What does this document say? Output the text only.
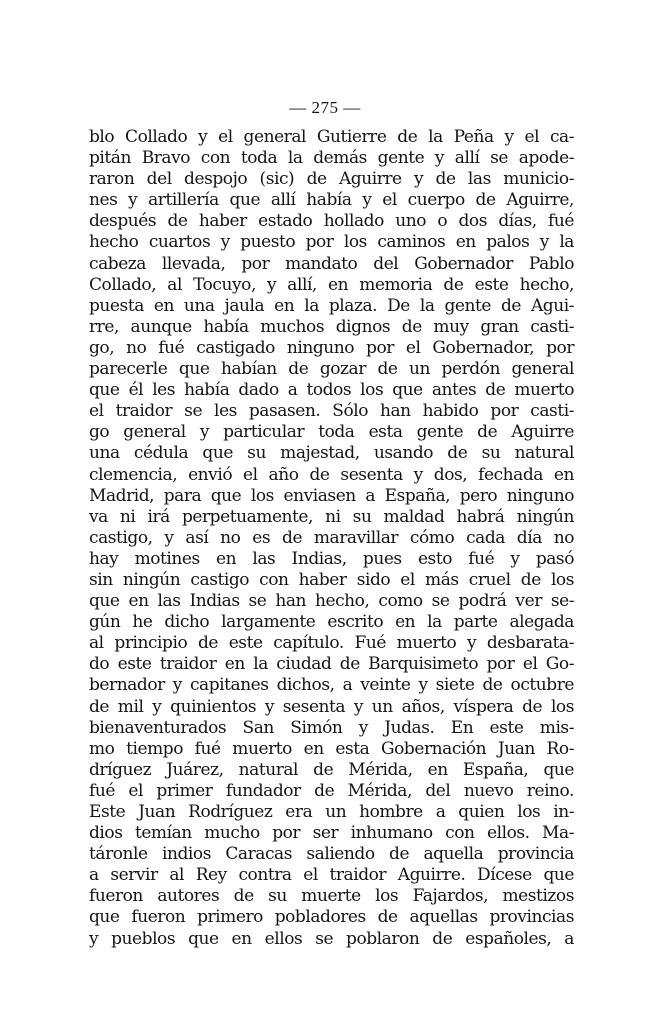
— 275 —
blo Collado y el general Gutierre de la Peña y el ca-
pitán Bravo con toda la demás gente y allí se apode-
raron del despojo (sic) de Aguirre y de las municio-
nes y artillería que allí había y el cuerpo de Aguirre,
después de haber estado hollado uno o dos días, fué
hecho cuartos y puesto por los caminos en palos y la
cabeza llevada, por mandato del Gobernador Pablo
Collado, al Tocuyo, y allí, en memoria de este hecho,
puesta en una jaula en la plaza. De la gente de Agui-
rre, aunque había muchos dignos de muy gran casti-
go, no fué castigado ninguno por el Gobernador, por
parecerle que habían de gozar de un perdón general
que él les había dado a todos los que antes de muerto
el traidor se les pasasen. Sólo han habido por casti-
go general y particular toda esta gente de Aguirre
una cédula que su majestad, usando de su natural
clemencia, envió el año de sesenta y dos, fechada en
Madrid, para que los enviasen a España, pero ninguno
va ni irá perpetuamente, ni su maldad habrá ningún
castigo, y así no es de maravillar cómo cada día no
hay motines en las Indias, pues esto fué y pasó
sin ningún castigo con haber sido el más cruel de los
que en las Indias se han hecho, como se podrá ver se-
gún he dicho largamente escrito en la parte alegada
al principio de este capítulo. Fué muerto y desbarata-
do este traidor en la ciudad de Barquisimeto por el Go-
bernador y capitanes dichos, a veinte y siete de octubre
de mil y quinientos y sesenta y un años, víspera de los
bienaventurados San Simón y Judas. En este mis-
mo tiempo fué muerto en esta Gobernación Juan Ro-
dríguez Juárez, natural de Mérida, en España, que
fué el primer fundador de Mérida, del nuevo reino.
Este Juan Rodríguez era un hombre a quien los in-
dios temían mucho por ser inhumano con ellos. Ma-
táronle indios Caracas saliendo de aquella provincia
a servir al Rey contra el traidor Aguirre. Dícese que
fueron autores de su muerte los Fajardos, mestizos
que fueron primero pobladores de aquellas provincias
y pueblos que en ellos se poblaron de españoles, a
